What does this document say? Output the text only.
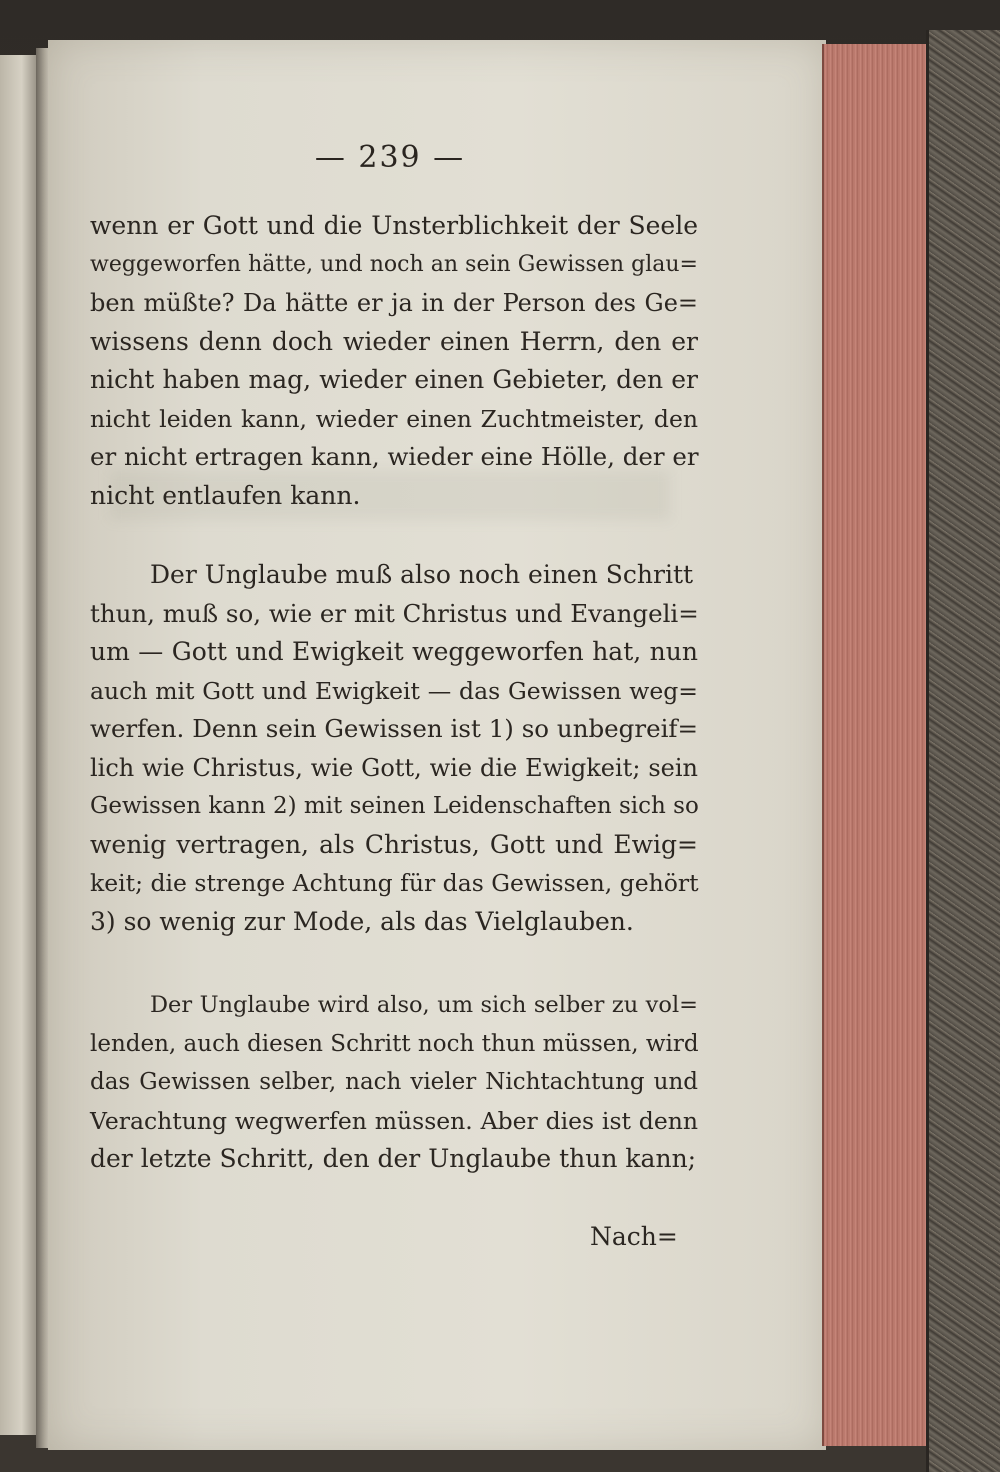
— 239 —
wenn er Gott und die Unsterblichkeit der Seele
weggeworfen hätte, und noch an sein Gewissen glau=
ben müßte? Da hätte er ja in der Person des Ge=
wissens denn doch wieder einen Herrn, den er
nicht haben mag, wieder einen Gebieter, den er
nicht leiden kann, wieder einen Zuchtmeister, den
er nicht ertragen kann, wieder eine Hölle, der er
nicht entlaufen kann.
Der Unglaube muß also noch einen Schritt
thun, muß so, wie er mit Christus und Evangeli=
um — Gott und Ewigkeit weggeworfen hat, nun
auch mit Gott und Ewigkeit — das Gewissen weg=
werfen. Denn sein Gewissen ist 1) so unbegreif=
lich wie Christus, wie Gott, wie die Ewigkeit; sein
Gewissen kann 2) mit seinen Leidenschaften sich so
wenig vertragen, als Christus, Gott und Ewig=
keit; die strenge Achtung für das Gewissen, gehört
3) so wenig zur Mode, als das Vielglauben.
Der Unglaube wird also, um sich selber zu vol=
lenden, auch diesen Schritt noch thun müssen, wird
das Gewissen selber, nach vieler Nichtachtung und
Verachtung wegwerfen müssen. Aber dies ist denn
der letzte Schritt, den der Unglaube thun kann;
Nach=
